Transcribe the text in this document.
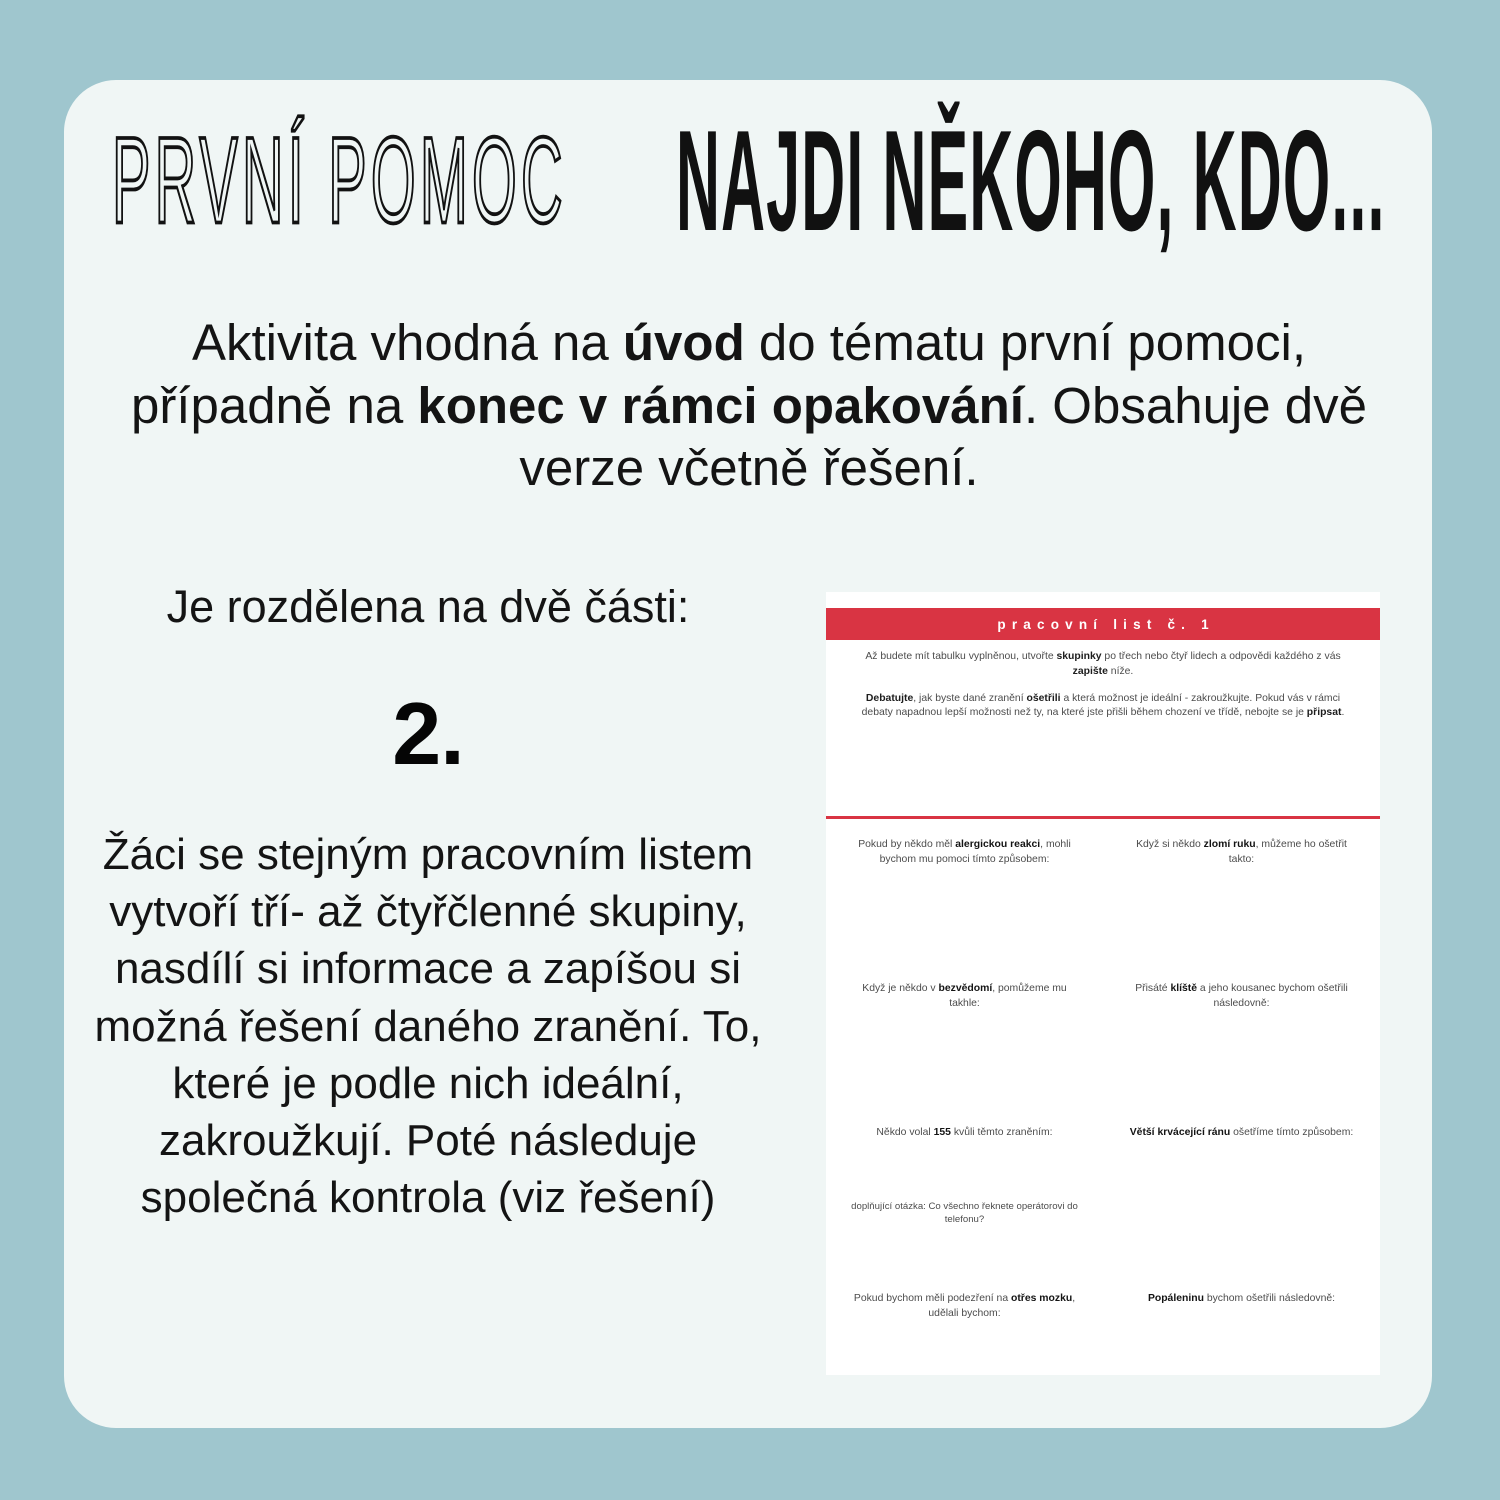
PRVNÍ POMOC NAJDI NĚKOHO, KDO...
Aktivita vhodná na úvod do tématu první pomoci, případně na konec v rámci opakování. Obsahuje dvě verze včetně řešení.
Je rozdělena na dvě části:
2.
Žáci se stejným pracovním listem vytvoří tří- až čtyřčlenné skupiny, nasdílí si informace a zapíšou si možná řešení daného zranění. To, které je podle nich ideální, zakroužkují. Poté následuje společná kontrola (viz řešení)
pracovní list č. 1

Až budete mít tabulku vyplněnou, utvořte skupinky po třech nebo čtyř lidech a odpovědi každého z vás zapište níže.

Debatujte, jak byste dané zranění ošetřili a která možnost je ideální - zakroužkujte. Pokud vás v rámci debaty napadnou lepší možnosti než ty, na které jste přišli během chození ve třídě, nebojte se je připsat.

Pokud by někdo měl alergickou reakci, mohli bychom mu pomoci tímto způsobem:
Když si někdo zlomí ruku, můžeme ho ošetřit takto:
Když je někdo v bezvědomí, pomůžeme mu takhle:
Přisáté klíště a jeho kousanec bychom ošetřili následovně:
Někdo volal 155 kvůli těmto zraněním:	Větší krvácející ránu ošetříme tímto způsobem:
doplňující otázka: Co všechno řeknete operátorovi do telefonu?
Pokud bychom měli podezření na otřes mozku, udělali bychom:
Popáleninu bychom ošetřili následovně:
